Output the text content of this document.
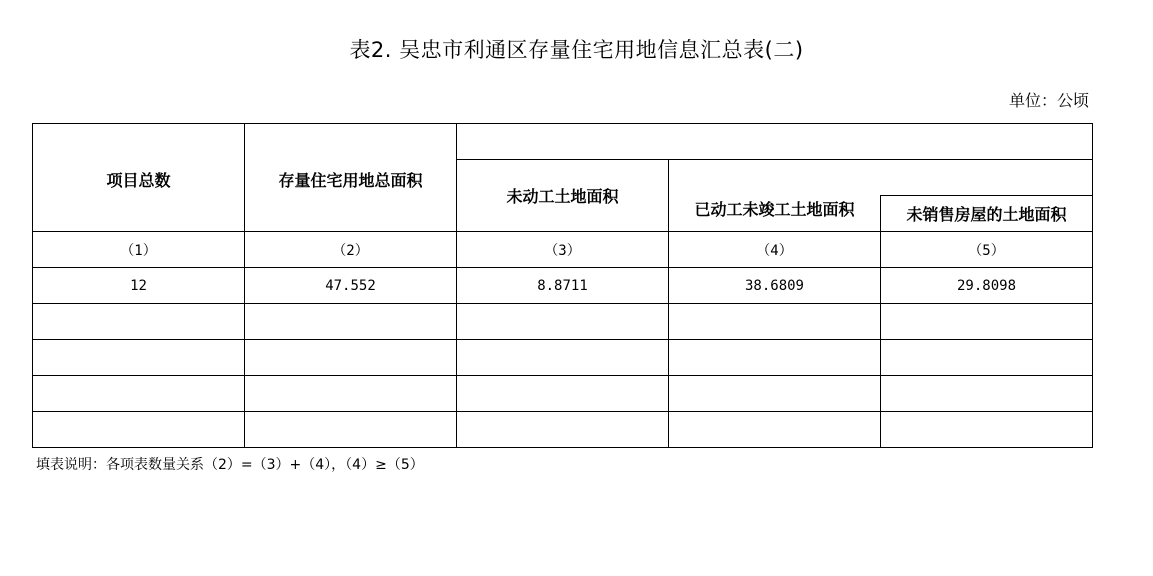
表2. 吴忠市利通区存量住宅用地信息汇总表(二)
单位：公顷
项目总数	存量住宅用地总面积			

		未动工土地面积	已动工未竣工土地面积	

				未销售房屋的土地面积
（1）	（2）	（3）	（4）	（5）
12	47.552	8.8711	38.6809	29.8098

填表说明：各项表数量关系（2）=（3）+（4），（4）≥（5）
